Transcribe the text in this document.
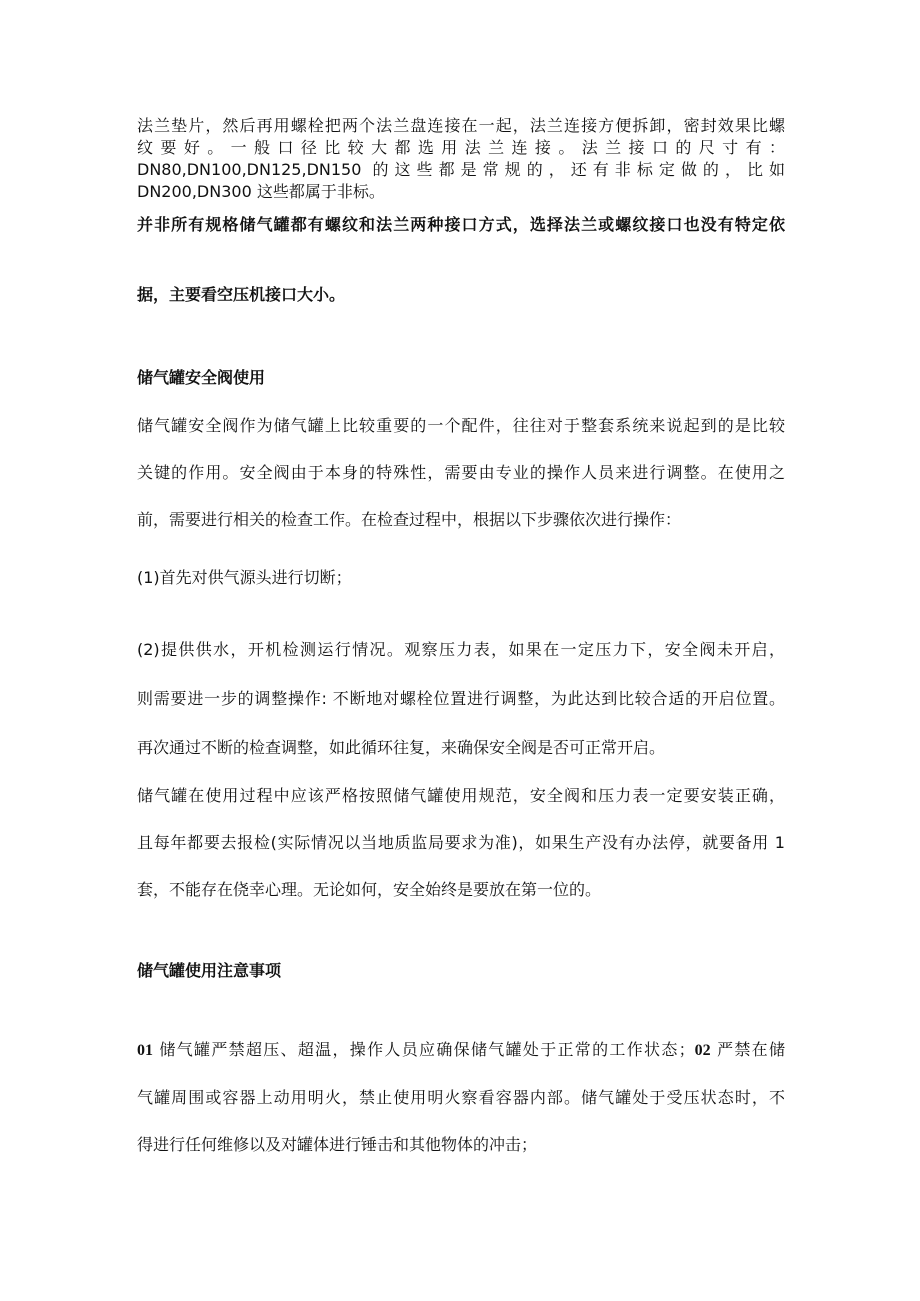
法兰垫片，然后再用螺栓把两个法兰盘连接在一起，法兰连接方便拆卸，密封效果比螺
纹要好。一般口径比较大都选用法兰连接。法兰接口的尺寸有：
DN80,DN100,DN125,DN150 的这些都是常规的，还有非标定做的，比如
DN200,DN300 这些都属于非标。
并非所有规格储气罐都有螺纹和法兰两种接口方式，选择法兰或螺纹接口也没有特定依
据，主要看空压机接口大小。
储气罐安全阀使用
储气罐安全阀作为储气罐上比较重要的一个配件，往往对于整套系统来说起到的是比较
关键的作用。安全阀由于本身的特殊性，需要由专业的操作人员来进行调整。在使用之
前，需要进行相关的检查工作。在检查过程中，根据以下步骤依次进行操作：
(1)首先对供气源头进行切断；
(2)提供供水，开机检测运行情况。观察压力表，如果在一定压力下，安全阀未开启，
则需要进一步的调整操作: 不断地对螺栓位置进行调整，为此达到比较合适的开启位置。
再次通过不断的检查调整，如此循环往复，来确保安全阀是否可正常开启。
储气罐在使用过程中应该严格按照储气罐使用规范，安全阀和压力表一定要安装正确，
且每年都要去报检(实际情况以当地质监局要求为准)，如果生产没有办法停，就要备用 1
套，不能存在侥幸心理。无论如何，安全始终是要放在第一位的。
储气罐使用注意事项
01 储气罐严禁超压、超温，操作人员应确保储气罐处于正常的工作状态；02 严禁在储
气罐周围或容器上动用明火，禁止使用明火察看容器内部。储气罐处于受压状态时，不
得进行任何维修以及对罐体进行锤击和其他物体的冲击；
